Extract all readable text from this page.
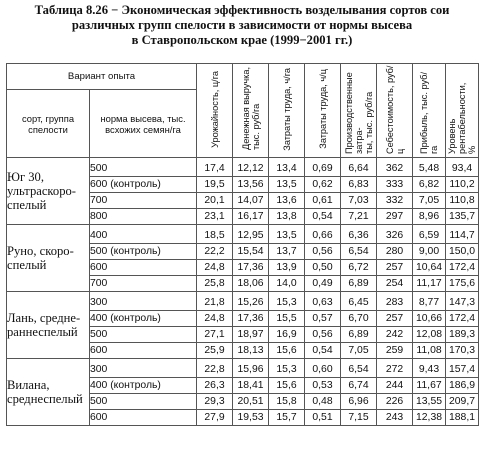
Таблица 8.26 − Экономическая эффективность возделывания сортов сои
различных групп спелости в зависимости от нормы высева
в Ставропольском крае (1999−2001 гг.)
Вариант опыта		Урожайность, ц/га	Денежная выручка,
тыс. руб/га	Затраты труда, ч/га	Затраты труда, ч/ц	Производственные затра-
ты, тыс. руб/га	Себестоимость, руб/ц	Прибыль, тыс. руб/га	Уровень рентабельности,
%
сорт, группа спелости	норма высева, тыс. всхожих семян/га								
Юг 30, ультраскоро-спелый	500	17,4	12,12	13,4	0,69	6,64	362	5,48	93,4
	600 (контроль)	19,5	13,56	13,5	0,62	6,83	333	6,82	110,2
	700	20,1	14,07	13,6	0,61	7,03	332	7,05	110,8
	800	23,1	16,17	13,8	0,54	7,21	297	8,96	135,7
Руно, скоро-спелый	400	18,5	12,95	13,5	0,66	6,36	326	6,59	114,7
	500 (контроль)	22,2	15,54	13,7	0,56	6,54	280	9,00	150,0
	600	24,8	17,36	13,9	0,50	6,72	257	10,64	172,4
	700	25,8	18,06	14,0	0,49	6,89	254	11,17	175,6
Лань, средне-раннеспелый	300	21,8	15,26	15,3	0,63	6,45	283	8,77	147,3
	400 (контроль)	24,8	17,36	15,5	0,57	6,70	257	10,66	172,4
	500	27,1	18,97	16,9	0,56	6,89	242	12,08	189,3
	600	25,9	18,13	15,6	0,54	7,05	259	11,08	170,3
Вилана, среднеспелый	300	22,8	15,96	15,3	0,60	6,54	272	9,43	157,4
	400 (контроль)	26,3	18,41	15,6	0,53	6,74	244	11,67	186,9
	500	29,3	20,51	15,8	0,48	6,96	226	13,55	209,7
	600	27,9	19,53	15,7	0,51	7,15	243	12,38	188,1
